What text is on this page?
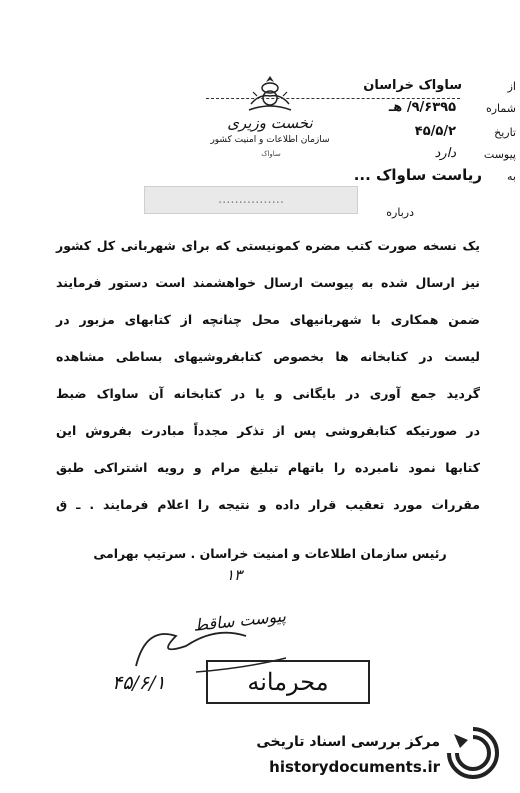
نخست وزیری
سازمان اطلاعات و امنیت کشور
ساواک
از
ساواک خراسان
شماره
۹/۶۳۹۵/ هـ
تاریخ
۴۵/۵/۲
پیوست
دارد
به
ریاست ساواک ...
................
درباره
یک نسخه صورت کتب مضره کمونیستی که برای شهربانی کل کشور
نیز ارسال شده به پیوست ارسال خواهشمند است دستور فرمایند
ضمن همکاری با شهربانیهای محل چنانچه از کتابهای مزبور در
لیست در کتابخانه ها بخصوص کتابفروشیهای بساطی مشاهده
گردید جمع آوری در بایگانی و یا در کتابخانه آن ساواک ضبط
در صورتیکه کتابفروشی پس از تذکر مجدداً مبادرت بفروش این
کتابها نمود نامبرده را باتهام تبلیغ مرام و رویه اشتراکی طبق
مقررات مورد تعقیب قرار داده و نتیجه را اعلام فرمایند . ـ ق
رئیس سازمان اطلاعات و امنیت خراسان . سرتیپ بهرامی
۱۳
پیوست ساقط
۴۵/۶/۱	محرمانه
مرکز بررسی اسناد تاریخی
historydocuments.ir
